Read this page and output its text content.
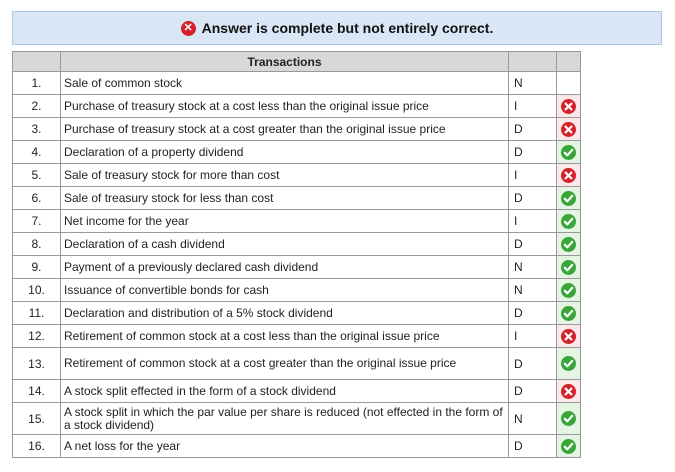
✕ Answer is complete but not entirely correct.
	Transactions		
1.	Sale of common stock	N	
2.	Purchase of treasury stock at a cost less than the original issue price	I	

3.	Purchase of treasury stock at a cost greater than the original issue price	D	

4.	Declaration of a property dividend	D	

5.	Sale of treasury stock for more than cost	I	

6.	Sale of treasury stock for less than cost	D	

7.	Net income for the year	I	

8.	Declaration of a cash dividend	D	

9.	Payment of a previously declared cash dividend	N	

10.	Issuance of convertible bonds for cash	N	

11.	Declaration and distribution of a 5% stock dividend	D	

12.	Retirement of common stock at a cost less than the original issue price	I	

13.	Retirement of common stock at a cost greater than the original issue price	D	

14.	A stock split effected in the form of a stock dividend	D	

15.	A stock split in which the par value per share is reduced (not effected in the form of a stock dividend)	N	

16.	A net loss for the year	D	
